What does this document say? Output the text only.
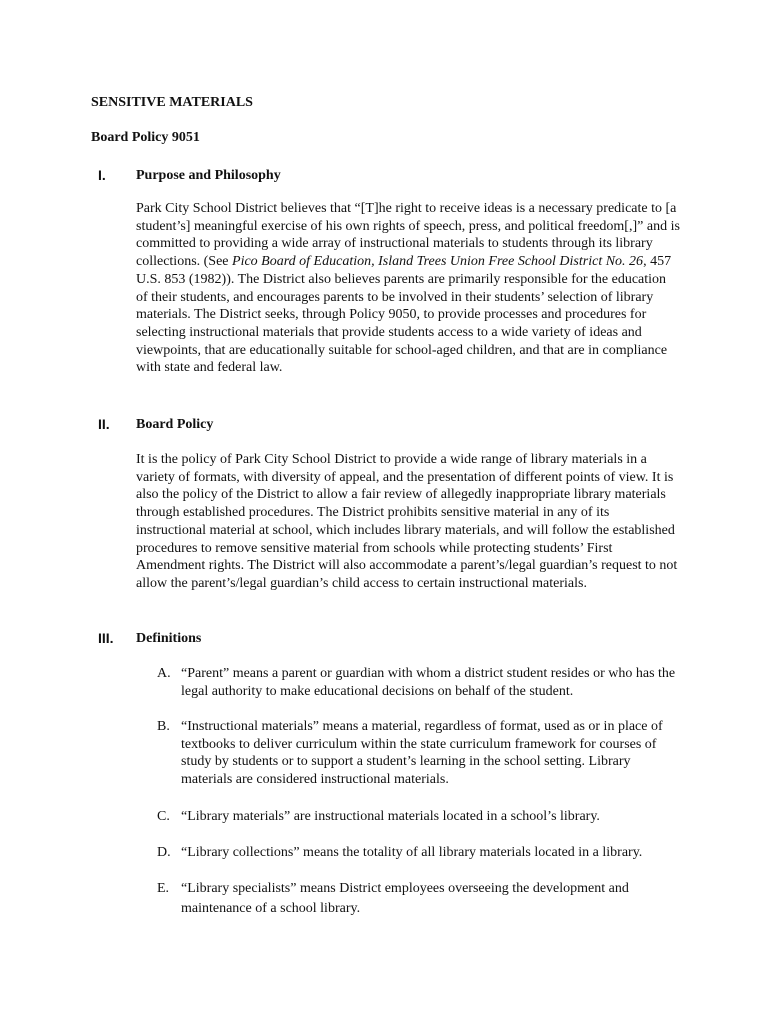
SENSITIVE MATERIALS
Board Policy 9051
I. Purpose and Philosophy

Park City School District believes that “[T]he right to receive ideas is a necessary predicate to [a student’s] meaningful exercise of his own rights of speech, press, and political freedom[,]” and is committed to providing a wide array of instructional materials to students through its library collections. (See Pico Board of Education, Island Trees Union Free School District No. 26, 457 U.S. 853 (1982)). The District also believes parents are primarily responsible for the education of their students, and encourages parents to be involved in their students’ selection of library materials. The District seeks, through Policy 9050, to provide processes and procedures for selecting instructional materials that provide students access to a wide variety of ideas and viewpoints, that are educationally suitable for school-aged children, and that are in compliance with state and federal law.

II. Board Policy

It is the policy of Park City School District to provide a wide range of library materials in a variety of formats, with diversity of appeal, and the presentation of different points of view. It is also the policy of the District to allow a fair review of allegedly inappropriate library materials through established procedures. The District prohibits sensitive material in any of its instructional material at school, which includes library materials, and will follow the established procedures to remove sensitive material from schools while protecting students’ First Amendment rights. The District will also accommodate a parent’s/legal guardian’s request to not allow the parent’s/legal guardian’s child access to certain instructional materials.

III. Definitions
A. “Parent” means a parent or guardian with whom a district student resides or who has the legal authority to make educational decisions on behalf of the student.

B. “Instructional materials” means a material, regardless of format, used as or in place of textbooks to deliver curriculum within the state curriculum framework for courses of study by students or to support a student’s learning in the school setting. Library materials are considered instructional materials.

C. “Library materials” are instructional materials located in a school’s library.

D. “Library collections” means the totality of all library materials located in a library.

E. “Library specialists” means District employees overseeing the development and maintenance of a school library.
